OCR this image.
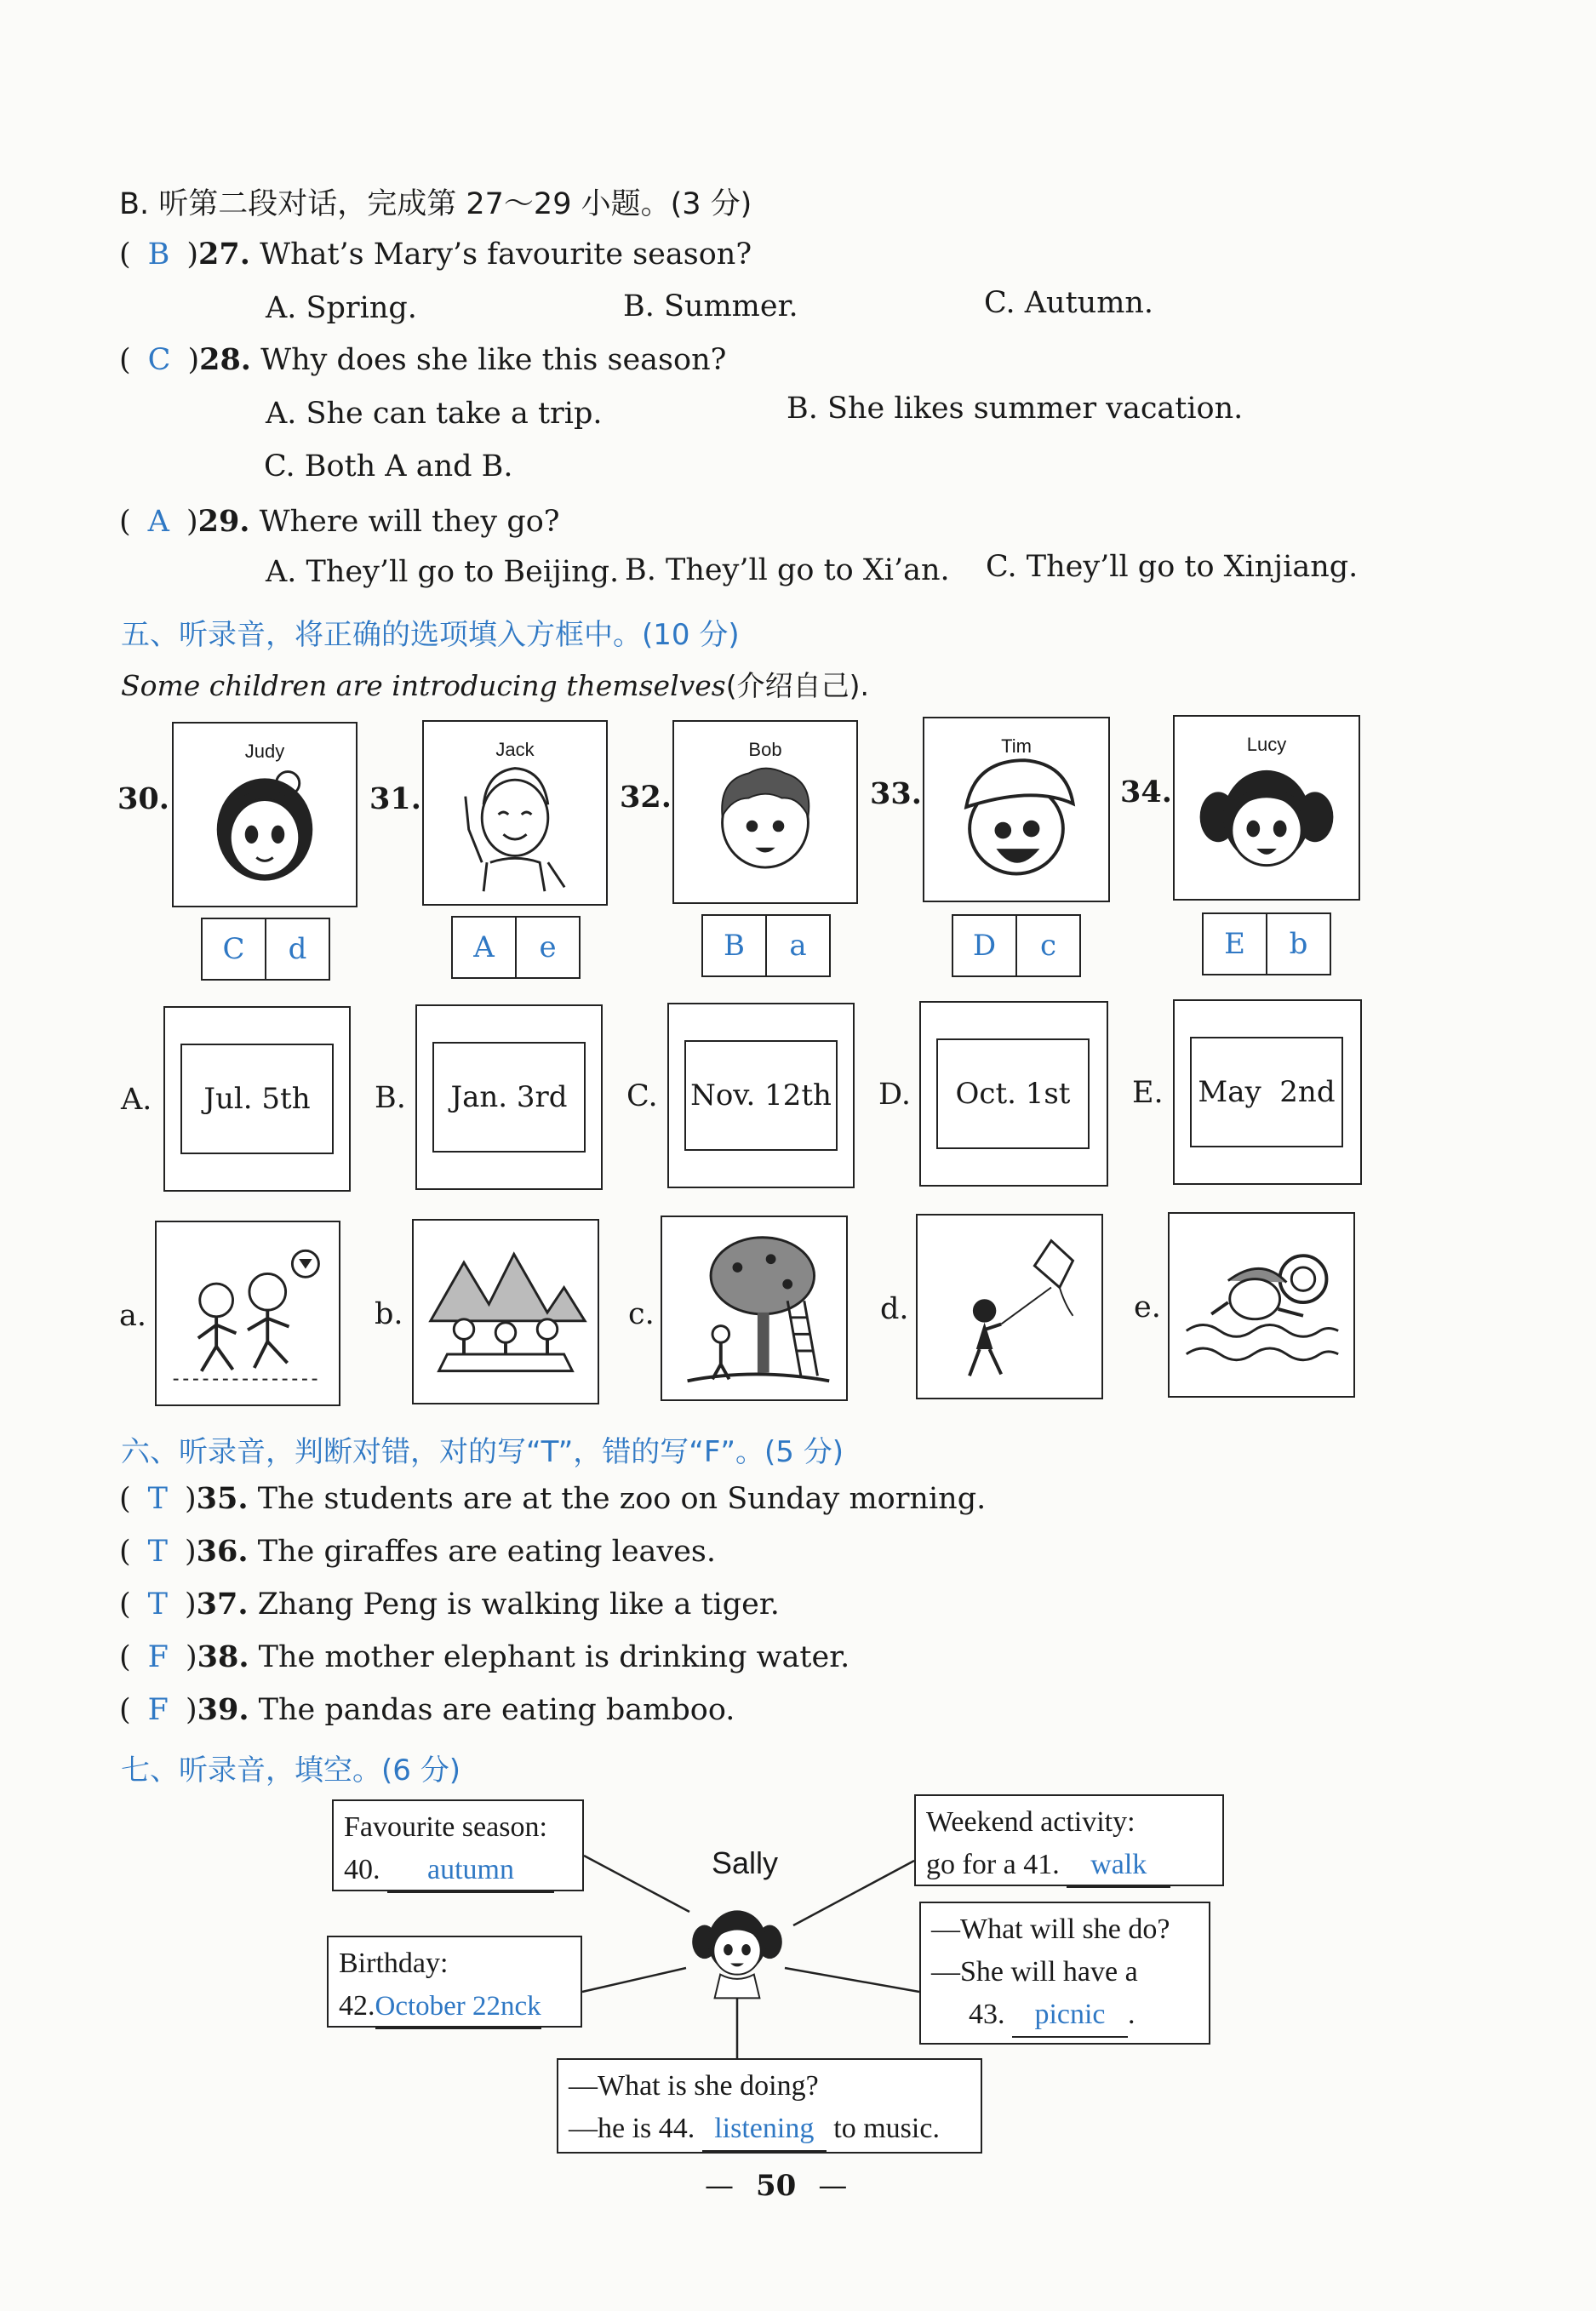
B. 听第二段对话，完成第 27～29 小题。(3 分)
( B )27. What’s Mary’s favourite season?
A. Spring.	B. Summer.	C. Autumn.
( C )28. Why does she like this season?
A. She can take a trip.	B. She likes summer vacation.
C. Both A and B.
( A )29. Where will they go?
A. They’ll go to Beijing. B. They’ll go to Xi’an. C. They’ll go to Xinjiang.
五、听录音，将正确的选项填入方框中。(10 分)
Some children are introducing themselves(介绍自己).
30.
Judy
C	d
31.
Jack
A	e
32.
Bob
B	a
33.
Tim
D	c
34.
Lucy
E	b
A.	Jul. 5th	B.	Jan. 3rd	C. Nov. 12th D.	Oct. 1st	E. May  2nd
a.	b.	c.	d.	e.
六、听录音，判断对错，对的写“T”，错的写“F”。(5 分)
( T )35. The students are at the zoo on Sunday morning.
( T )36. The giraffes are eating leaves.
( T )37. Zhang Peng is walking like a tiger.
( F )38. The mother elephant is drinking water.
( F )39. The pandas are eating bamboo.
七、听录音，填空。(6 分)
Sally
Favourite season:
40. autumn
Weekend activity:
go for a 41. walk
Birthday:
42.October 22nck
—What will she do?
—She will have a
43. picnic .
—What is she doing?
—he is 44. listening to music.
— 50 —
